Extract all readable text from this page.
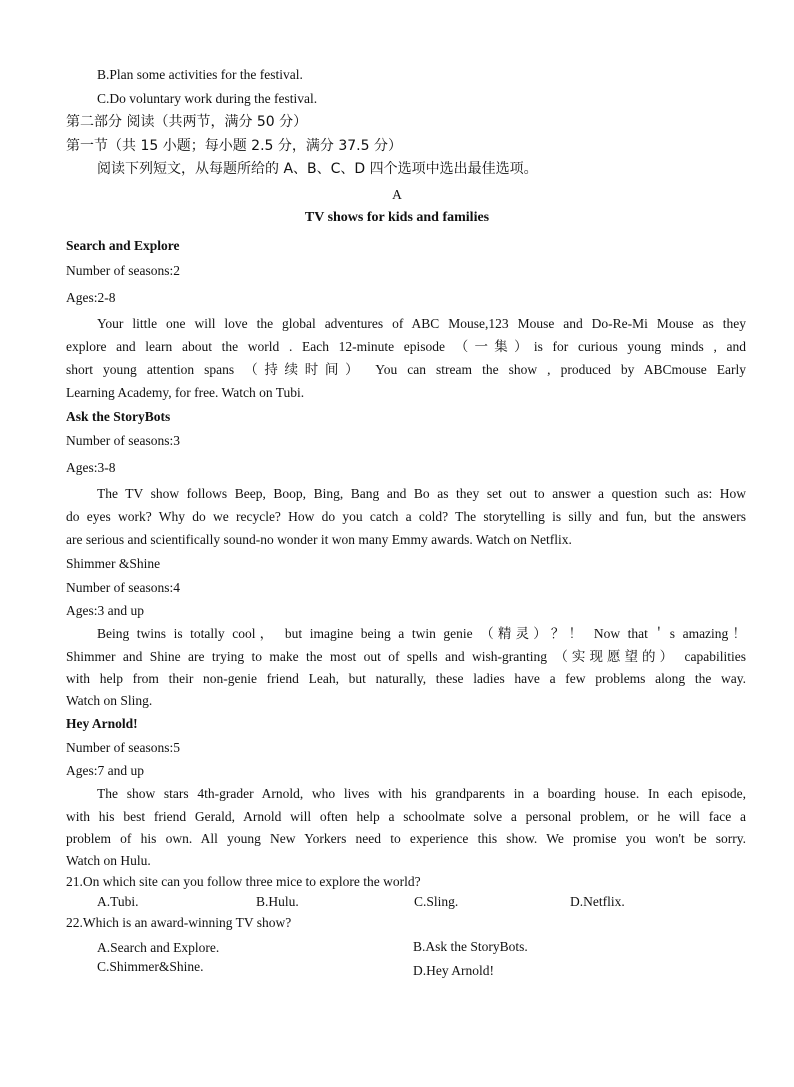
B.Plan some activities for the festival.
C.Do voluntary work during the festival.
第二部分 阅读（共两节，满分 50 分）
第一节（共 15 小题；每小题 2.5 分，满分 37.5 分）
阅读下列短文，从每题所给的 A、B、C、D 四个选项中选出最佳选项。
A
TV shows for kids and families
Search and Explore
Number of seasons:2
Ages:2-8
Your little one will love the global adventures of ABC Mouse,123 Mouse and Do-Re-Mi Mouse as they
explore and learn about the world . Each 12-minute episode （一集）is for curious young minds , and
short young attention spans （持续时间） You can stream the show , produced by ABCmouse Early
Learning Academy, for free. Watch on Tubi.
Ask the StoryBots
Number of seasons:3
Ages:3-8
The TV show follows Beep, Boop, Bing, Bang and Bo as they set out to answer a question such as: How
do eyes work? Why do we recycle? How do you catch a cold? The storytelling is silly and fun, but the answers
are serious and scientifically sound-no wonder it won many Emmy awards. Watch on Netflix.
Shimmer &Shine
Number of seasons:4
Ages:3 and up
Being twins is totally cool， but imagine being a twin genie （精灵）？！ Now that＇s amazing！
Shimmer and Shine are trying to make the most out of spells and wish-granting （实现愿望的） capabilities
with help from their non-genie friend Leah, but naturally, these ladies have a few problems along the way.
Watch on Sling.
Hey Arnold!
Number of seasons:5
Ages:7 and up
The show stars 4th-grader Arnold, who lives with his grandparents in a boarding house. In each episode,
with his best friend Gerald, Arnold will often help a schoolmate solve a personal problem, or he will face a
problem of his own. All young New Yorkers need to experience this show. We promise you won't be sorry.
Watch on Hulu.
21.On which site can you follow three mice to explore the world?
A.Tubi.	B.Hulu.	C.Sling.	D.Netflix.
22.Which is an award-winning TV show?
A.Search and Explore.	B.Ask the StoryBots.
C.Shimmer&Shine.	D.Hey Arnold!
